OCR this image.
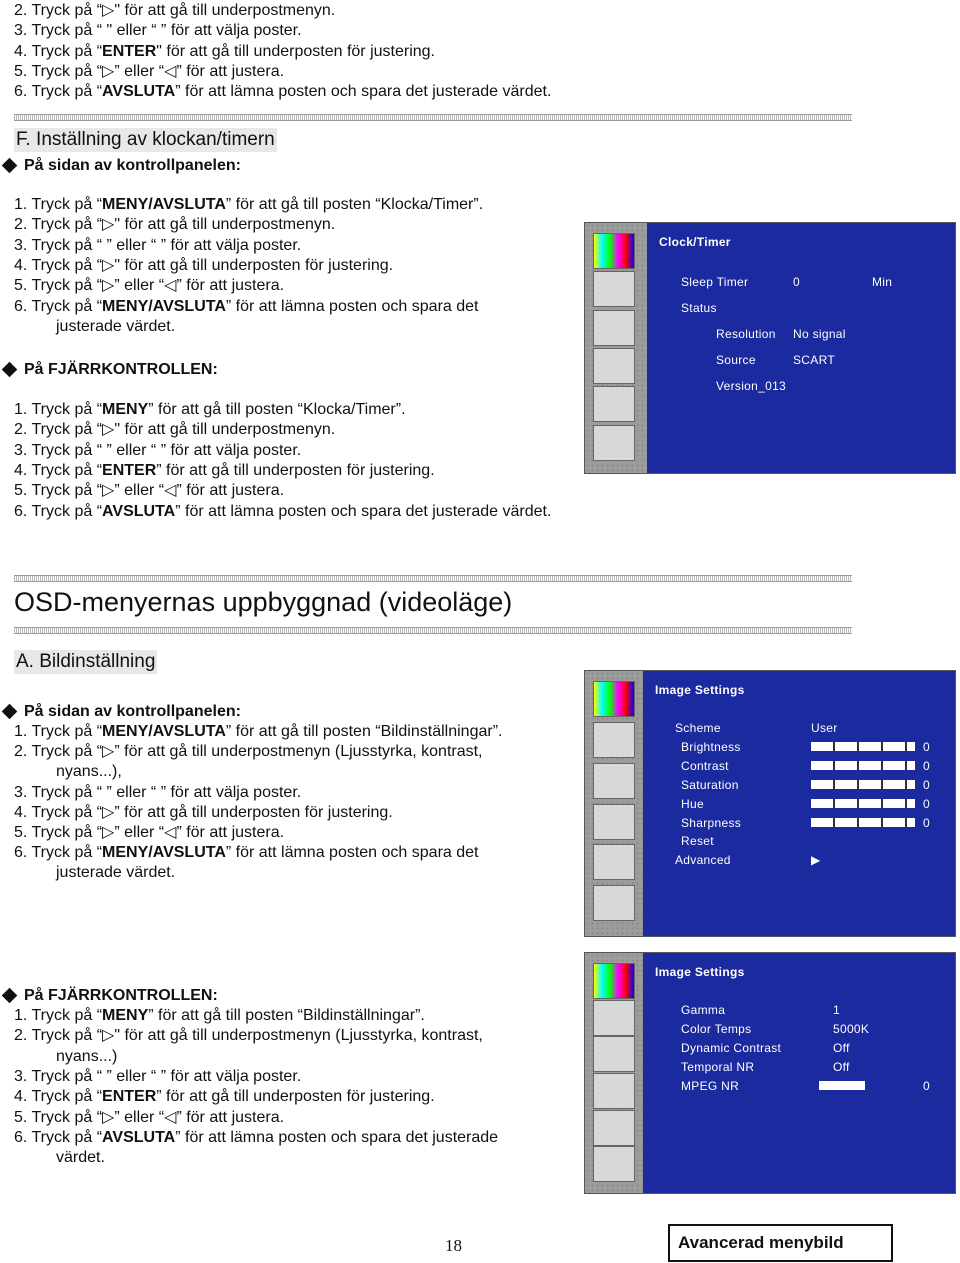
2. Tryck på “▷" för att gå till underpostmenyn.
3. Tryck på “ " eller “ ” för att välja poster.
4. Tryck på “ENTER" för att gå till underposten för justering.
5. Tryck på “▷” eller “◁” för att justera.
6. Tryck på “AVSLUTA” för att lämna posten och spara det justerade värdet.
F. Inställning av klockan/timern
På sidan av kontrollpanelen:
1. Tryck på “MENY/AVSLUTA” för att gå till posten “Klocka/Timer”.
2. Tryck på “▷" för att gå till underpostmenyn.
3. Tryck på “ ” eller “ ” för att välja poster.
4. Tryck på “▷" för att gå till underposten för justering.
5. Tryck på “▷” eller “◁” för att justera.
6. Tryck på “MENY/AVSLUTA” för att lämna posten och spara det
justerade värdet.
På FJÄRRKONTROLLEN:
1. Tryck på “MENY” för att gå till posten “Klocka/Timer”.
2. Tryck på “▷" för att gå till underpostmenyn.
3. Tryck på “ ” eller “ ” för att välja poster.
4. Tryck på “ENTER” för att gå till underposten för justering.
5. Tryck på “▷” eller “◁” för att justera.
6. Tryck på “AVSLUTA” för att lämna posten och spara det justerade värdet.
OSD-menyernas uppbyggnad (videoläge)
A. Bildinställning
På sidan av kontrollpanelen:
1. Tryck på “MENY/AVSLUTA” för att gå till posten “Bildinställningar”.
2. Tryck på “▷” för att gå till underpostmenyn (Ljusstyrka, kontrast,
nyans...),
3. Tryck på “ ” eller “ ” för att välja poster.
4. Tryck på “▷” för att gå till underposten för justering.
5. Tryck på “▷” eller “◁” för att justera.
6. Tryck på “MENY/AVSLUTA” för att lämna posten och spara det
justerade värdet.
På FJÄRRKONTROLLEN:
1. Tryck på “MENY” för att gå till posten “Bildinställningar”.
2. Tryck på “▷" för att gå till underpostmenyn (Ljusstyrka, kontrast,
nyans...)
3. Tryck på “ ” eller “ ” för att välja poster.
4. Tryck på “ENTER” för att gå till underposten för justering.
5. Tryck på “▷” eller “◁” för att justera.
6. Tryck på “AVSLUTA” för att lämna posten och spara det justerade
värdet.
Clock/Timer
Sleep Timer	0	Min
Status
Resolution No signal
Source	SCART
Version_013
Image Settings
Scheme	User
Brightness	0
Contrast	0
Saturation	0
Hue	0
Sharpness	0
Reset
Advanced	▶
Image Settings
Gamma	1
Color Temps	5000K
Dynamic Contrast	Off
Temporal NR	Off
MPEG NR	0
18	Avancerad menybild
